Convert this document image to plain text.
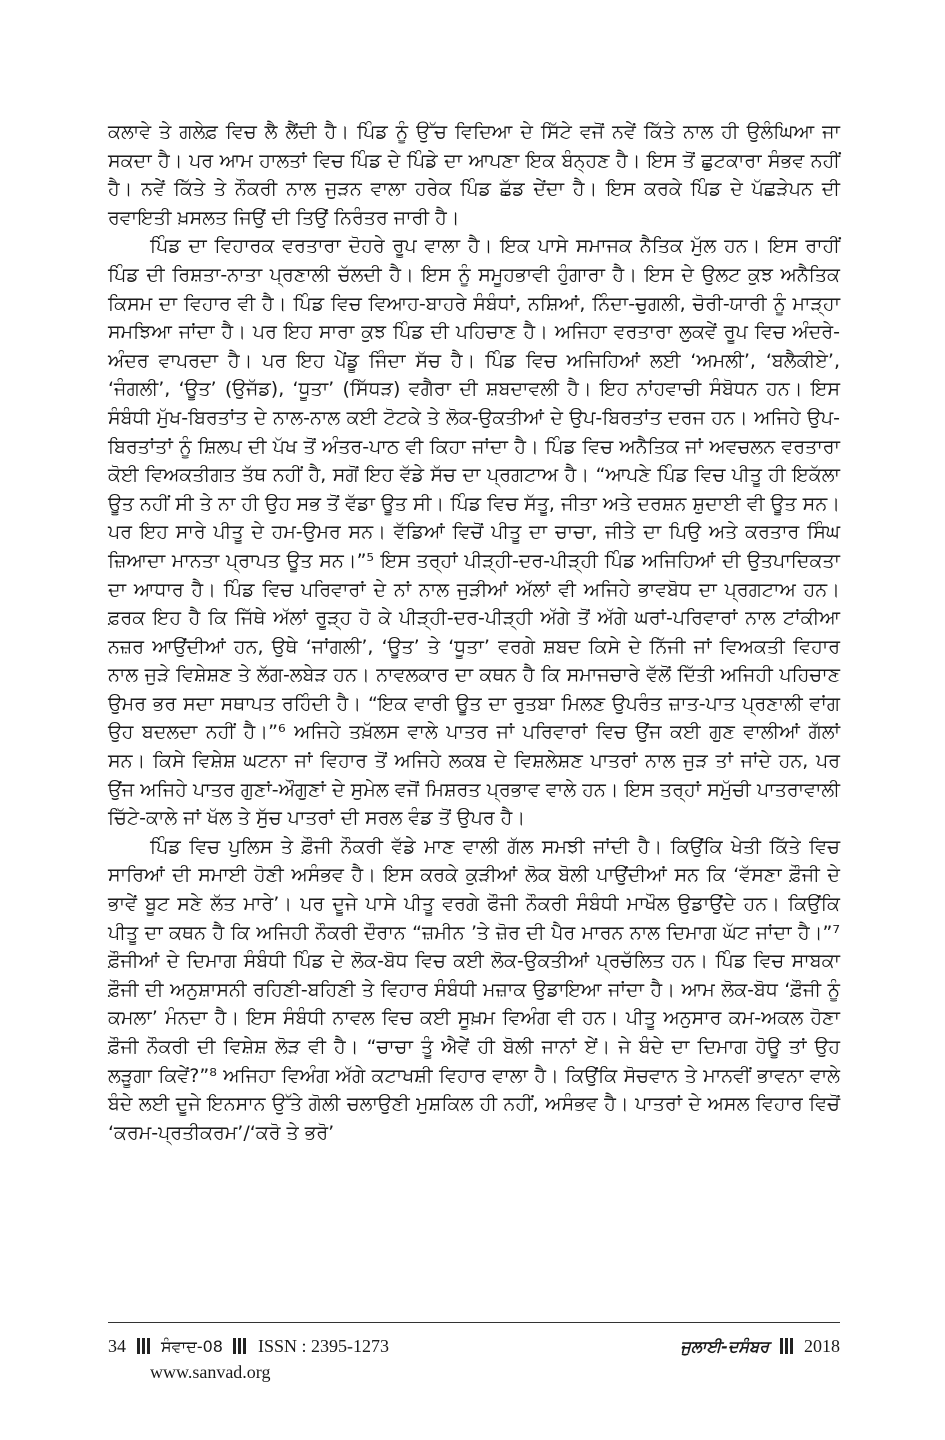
ਕਲਾਵੇ ਤੇ ਗਲੇਫ਼ ਵਿਚ ਲੈ ਲੈਂਦੀ ਹੈ। ਪਿੰਡ ਨੂੰ ਉੱਚ ਵਿਦਿਆ ਦੇ ਸਿੱਟੇ ਵਜੋਂ ਨਵੇਂ ਕਿੱਤੇ ਨਾਲ ਹੀ ਉਲੰਘਿਆ ਜਾ ਸਕਦਾ ਹੈ। ਪਰ ਆਮ ਹਾਲਤਾਂ ਵਿਚ ਪਿੰਡ ਦੇ ਪਿੰਡੇ ਦਾ ਆਪਣਾ ਇਕ ਬੰਨ੍ਹਣ ਹੈ। ਇਸ ਤੋਂ ਛੁਟਕਾਰਾ ਸੰਭਵ ਨਹੀਂ ਹੈ। ਨਵੇਂ ਕਿੱਤੇ ਤੇ ਨੌਕਰੀ ਨਾਲ ਜੁੜਨ ਵਾਲਾ ਹਰੇਕ ਪਿੰਡ ਛੱਡ ਦੇਂਦਾ ਹੈ। ਇਸ ਕਰਕੇ ਪਿੰਡ ਦੇ ਪੱਛੜੇਪਨ ਦੀ ਰਵਾਇਤੀ ਖ਼ਸਲਤ ਜਿਉਂ ਦੀ ਤਿਉਂ ਨਿਰੰਤਰ ਜਾਰੀ ਹੈ।

ਪਿੰਡ ਦਾ ਵਿਹਾਰਕ ਵਰਤਾਰਾ ਦੋਹਰੇ ਰੂਪ ਵਾਲਾ ਹੈ। ਇਕ ਪਾਸੇ ਸਮਾਜਕ ਨੈਤਿਕ ਮੁੱਲ ਹਨ। ਇਸ ਰਾਹੀਂ ਪਿੰਡ ਦੀ ਰਿਸ਼ਤਾ-ਨਾਤਾ ਪ੍ਰਣਾਲੀ ਚੱਲਦੀ ਹੈ। ਇਸ ਨੂੰ ਸਮੂਹਭਾਵੀ ਹੁੰਗਾਰਾ ਹੈ। ਇਸ ਦੇ ਉਲਟ ਕੁਝ ਅਨੈਤਿਕ ਕਿਸਮ ਦਾ ਵਿਹਾਰ ਵੀ ਹੈ। ਪਿੰਡ ਵਿਚ ਵਿਆਹ-ਬਾਹਰੇ ਸੰਬੰਧਾਂ, ਨਸ਼ਿਆਂ, ਨਿੰਦਾ-ਚੁਗਲੀ, ਚੋਰੀ-ਯਾਰੀ ਨੂੰ ਮਾੜ੍ਹਾ ਸਮਝਿਆ ਜਾਂਦਾ ਹੈ। ਪਰ ਇਹ ਸਾਰਾ ਕੁਝ ਪਿੰਡ ਦੀ ਪਹਿਚਾਣ ਹੈ। ਅਜਿਹਾ ਵਰਤਾਰਾ ਲੁਕਵੇਂ ਰੂਪ ਵਿਚ ਅੰਦਰੇ-ਅੰਦਰ ਵਾਪਰਦਾ ਹੈ। ਪਰ ਇਹ ਪੇਂਡੂ ਜਿੰਦਾ ਸੱਚ ਹੈ। ਪਿੰਡ ਵਿਚ ਅਜਿਹਿਆਂ ਲਈ ‘ਅਮਲੀ’, ‘ਬਲੈਕੀਏ’, ‘ਜੰਗਲੀ’, ‘ਊਤ’ (ਉਜੱਡ), ‘ਧੂਤਾ’ (ਸਿੱਧੜ) ਵਗੈਰਾ ਦੀ ਸ਼ਬਦਾਵਲੀ ਹੈ। ਇਹ ਨਾਂਹਵਾਚੀ ਸੰਬੋਧਨ ਹਨ। ਇਸ ਸੰਬੰਧੀ ਮੁੱਖ-ਬਿਰਤਾਂਤ ਦੇ ਨਾਲ-ਨਾਲ ਕਈ ਟੋਟਕੇ ਤੇ ਲੋਕ-ਉਕਤੀਆਂ ਦੇ ਉਪ-ਬਿਰਤਾਂਤ ਦਰਜ ਹਨ। ਅਜਿਹੇ ਉਪ-ਬਿਰਤਾਂਤਾਂ ਨੂੰ ਸ਼ਿਲਪ ਦੀ ਪੱਖ ਤੋਂ ਅੰਤਰ-ਪਾਠ ਵੀ ਕਿਹਾ ਜਾਂਦਾ ਹੈ। ਪਿੰਡ ਵਿਚ ਅਨੈਤਿਕ ਜਾਂ ਅਵਚਲਨ ਵਰਤਾਰਾ ਕੋਈ ਵਿਅਕਤੀਗਤ ਤੱਥ ਨਹੀਂ ਹੈ, ਸਗੋਂ ਇਹ ਵੱਡੇ ਸੱਚ ਦਾ ਪ੍ਰਗਟਾਅ ਹੈ। “ਆਪਣੇ ਪਿੰਡ ਵਿਚ ਪੀਤੂ ਹੀ ਇਕੱਲਾ ਊਤ ਨਹੀਂ ਸੀ ਤੇ ਨਾ ਹੀ ਉਹ ਸਭ ਤੋਂ ਵੱਡਾ ਊਤ ਸੀ। ਪਿੰਡ ਵਿਚ ਸੱਤੂ, ਜੀਤਾ ਅਤੇ ਦਰਸ਼ਨ ਸ਼ੁਦਾਈ ਵੀ ਊਤ ਸਨ। ਪਰ ਇਹ ਸਾਰੇ ਪੀਤੂ ਦੇ ਹਮ-ਉਮਰ ਸਨ। ਵੱਡਿਆਂ ਵਿਚੋਂ ਪੀਤੂ ਦਾ ਚਾਚਾ, ਜੀਤੇ ਦਾ ਪਿਉ ਅਤੇ ਕਰਤਾਰ ਸਿੰਘ ਜ਼ਿਆਦਾ ਮਾਨਤਾ ਪ੍ਰਾਪਤ ਊਤ ਸਨ।”⁵ ਇਸ ਤਰ੍ਹਾਂ ਪੀੜ੍ਹੀ-ਦਰ-ਪੀੜ੍ਹੀ ਪਿੰਡ ਅਜਿਹਿਆਂ ਦੀ ਉਤਪਾਦਿਕਤਾ ਦਾ ਆਧਾਰ ਹੈ। ਪਿੰਡ ਵਿਚ ਪਰਿਵਾਰਾਂ ਦੇ ਨਾਂ ਨਾਲ ਜੁੜੀਆਂ ਅੱਲਾਂ ਵੀ ਅਜਿਹੇ ਭਾਵਬੋਧ ਦਾ ਪ੍ਰਗਟਾਅ ਹਨ। ਫ਼ਰਕ ਇਹ ਹੈ ਕਿ ਜਿੱਥੇ ਅੱਲਾਂ ਰੂੜ੍ਹ ਹੋ ਕੇ ਪੀੜ੍ਹੀ-ਦਰ-ਪੀੜ੍ਹੀ ਅੱਗੇ ਤੋਂ ਅੱਗੇ ਘਰਾਂ-ਪਰਿਵਾਰਾਂ ਨਾਲ ਟਾਂਕੀਆ ਨਜ਼ਰ ਆਉਂਦੀਆਂ ਹਨ, ਉਥੇ ‘ਜਾਂਗਲੀ’, ‘ਊਤ’ ਤੇ ‘ਧੂਤਾ’ ਵਰਗੇ ਸ਼ਬਦ ਕਿਸੇ ਦੇ ਨਿੱਜੀ ਜਾਂ ਵਿਅਕਤੀ ਵਿਹਾਰ ਨਾਲ ਜੁੜੇ ਵਿਸ਼ੇਸ਼ਣ ਤੇ ਲੱਗ-ਲਬੇੜ ਹਨ। ਨਾਵਲਕਾਰ ਦਾ ਕਥਨ ਹੈ ਕਿ ਸਮਾਜਚਾਰੇ ਵੱਲੋਂ ਦਿੱਤੀ ਅਜਿਹੀ ਪਹਿਚਾਣ ਉਮਰ ਭਰ ਸਦਾ ਸਥਾਪਤ ਰਹਿੰਦੀ ਹੈ। “ਇਕ ਵਾਰੀ ਊਤ ਦਾ ਰੁਤਬਾ ਮਿਲਣ ਉਪਰੰਤ ਜ਼ਾਤ-ਪਾਤ ਪ੍ਰਣਾਲੀ ਵਾਂਗ ਉਹ ਬਦਲਦਾ ਨਹੀਂ ਹੈ।”⁶ ਅਜਿਹੇ ਤਖ਼ੱਲਸ ਵਾਲੇ ਪਾਤਰ ਜਾਂ ਪਰਿਵਾਰਾਂ ਵਿਚ ਉਂਜ ਕਈ ਗੁਣ ਵਾਲੀਆਂ ਗੱਲਾਂ ਸਨ। ਕਿਸੇ ਵਿਸ਼ੇਸ਼ ਘਟਨਾ ਜਾਂ ਵਿਹਾਰ ਤੋਂ ਅਜਿਹੇ ਲਕਬ ਦੇ ਵਿਸ਼ਲੇਸ਼ਣ ਪਾਤਰਾਂ ਨਾਲ ਜੁੜ ਤਾਂ ਜਾਂਦੇ ਹਨ, ਪਰ ਉਂਜ ਅਜਿਹੇ ਪਾਤਰ ਗੁਣਾਂ-ਔਗੁਣਾਂ ਦੇ ਸੁਮੇਲ ਵਜੋਂ ਮਿਸ਼ਰਤ ਪ੍ਰਭਾਵ ਵਾਲੇ ਹਨ। ਇਸ ਤਰ੍ਹਾਂ ਸਮੁੱਚੀ ਪਾਤਰਾਵਾਲੀ ਚਿੱਟੇ-ਕਾਲੇ ਜਾਂ ਖੱਲ ਤੇ ਸੁੱਚ ਪਾਤਰਾਂ ਦੀ ਸਰਲ ਵੰਡ ਤੋਂ ਉਪਰ ਹੈ।

ਪਿੰਡ ਵਿਚ ਪੁਲਿਸ ਤੇ ਫ਼ੌਜੀ ਨੌਕਰੀ ਵੱਡੇ ਮਾਣ ਵਾਲੀ ਗੱਲ ਸਮਝੀ ਜਾਂਦੀ ਹੈ। ਕਿਉਂਕਿ ਖੇਤੀ ਕਿੱਤੇ ਵਿਚ ਸਾਰਿਆਂ ਦੀ ਸਮਾਈ ਹੋਣੀ ਅਸੰਭਵ ਹੈ। ਇਸ ਕਰਕੇ ਕੁੜੀਆਂ ਲੋਕ ਬੋਲੀ ਪਾਉਂਦੀਆਂ ਸਨ ਕਿ ‘ਵੱਸਣਾ ਫ਼ੌਜੀ ਦੇ ਭਾਵੇਂ ਬੂਟ ਸਣੇ ਲੱਤ ਮਾਰੇ’। ਪਰ ਦੂਜੇ ਪਾਸੇ ਪੀਤੂ ਵਰਗੇ ਫੌਜੀ ਨੌਕਰੀ ਸੰਬੰਧੀ ਮਾਖੌਲ ਉਡਾਉਂਦੇ ਹਨ। ਕਿਉਂਕਿ ਪੀਤੂ ਦਾ ਕਥਨ ਹੈ ਕਿ ਅਜਿਹੀ ਨੌਕਰੀ ਦੌਰਾਨ “ਜ਼ਮੀਨ ’ਤੇ ਜ਼ੋਰ ਦੀ ਪੈਰ ਮਾਰਨ ਨਾਲ ਦਿਮਾਗ ਘੱਟ ਜਾਂਦਾ ਹੈ।”⁷ ਫ਼ੌਜੀਆਂ ਦੇ ਦਿਮਾਗ ਸੰਬੰਧੀ ਪਿੰਡ ਦੇ ਲੋਕ-ਬੋਧ ਵਿਚ ਕਈ ਲੋਕ-ਉਕਤੀਆਂ ਪ੍ਰਚੱਲਿਤ ਹਨ। ਪਿੰਡ ਵਿਚ ਸਾਬਕਾ ਫ਼ੌਜੀ ਦੀ ਅਨੁਸ਼ਾਸਨੀ ਰਹਿਣੀ-ਬਹਿਣੀ ਤੇ ਵਿਹਾਰ ਸੰਬੰਧੀ ਮਜ਼ਾਕ ਉਡਾਇਆ ਜਾਂਦਾ ਹੈ। ਆਮ ਲੋਕ-ਬੋਧ ‘ਫ਼ੌਜੀ ਨੂੰ ਕਮਲਾ’ ਮੰਨਦਾ ਹੈ। ਇਸ ਸੰਬੰਧੀ ਨਾਵਲ ਵਿਚ ਕਈ ਸੂਖ਼ਮ ਵਿਅੰਗ ਵੀ ਹਨ। ਪੀਤੂ ਅਨੁਸਾਰ ਕਮ-ਅਕਲ ਹੋਣਾ ਫ਼ੌਜੀ ਨੌਕਰੀ ਦੀ ਵਿਸ਼ੇਸ਼ ਲੋੜ ਵੀ ਹੈ। “ਚਾਚਾ ਤੂੰ ਐਵੇਂ ਹੀ ਬੋਲੀ ਜਾਨਾਂ ਏਂ। ਜੇ ਬੰਦੇ ਦਾ ਦਿਮਾਗ ਹੋਊ ਤਾਂ ਉਹ ਲੜੂਗਾ ਕਿਵੇਂ?”⁸ ਅਜਿਹਾ ਵਿਅੰਗ ਅੱਗੇ ਕਟਾਖਸ਼ੀ ਵਿਹਾਰ ਵਾਲਾ ਹੈ। ਕਿਉਂਕਿ ਸੋਚਵਾਨ ਤੇ ਮਾਨਵੀਂ ਭਾਵਨਾ ਵਾਲੇ ਬੰਦੇ ਲਈ ਦੂਜੇ ਇਨਸਾਨ ਉੱਤੇ ਗੋਲੀ ਚਲਾਉਣੀ ਮੁਸ਼ਕਿਲ ਹੀ ਨਹੀਂ, ਅਸੰਭਵ ਹੈ। ਪਾਤਰਾਂ ਦੇ ਅਸਲ ਵਿਹਾਰ ਵਿਚੋਂ ‘ਕਰਮ-ਪ੍ਰਤੀਕਰਮ’/‘ਕਰੋ ਤੇ ਭਰੋ’

34 ਸੰਵਾਦ-08 ISSN : 2395-1273	ਜੁਲਾਈ-ਦਸੰਬਰ 2018
www.sanvad.org
